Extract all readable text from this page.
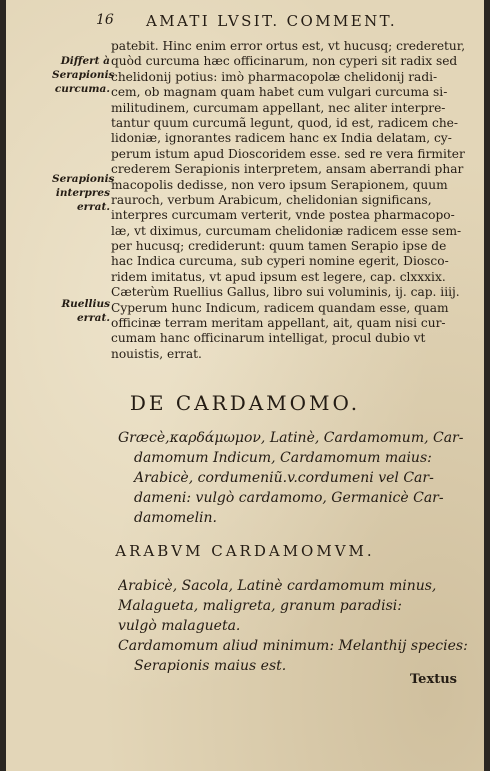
16 AMATI LVSIT. COMMENT.
Differt à Serapionis curcuma.
Serapionis interpres errat.
Ruellius errat.
patebit. Hinc enim error ortus est, vt hucusq; crederetur,
quòd curcuma hæc officinarum, non cyperi sit radix sed
chelidonij potius: imò pharmacopolæ chelidonij radi-
cem, ob magnam quam habet cum vulgari curcuma si-
militudinem, curcumam appellant, nec aliter interpre-
tantur quum curcumã legunt, quod, id est, radicem che-
lidoniæ, ignorantes radicem hanc ex India delatam, cy-
perum istum apud Dioscoridem esse. sed re vera firmiter
crederem Serapionis interpretem, ansam aberrandi phar
macopolis dedisse, non vero ipsum Serapionem, quum
rauroch, verbum Arabicum, chelidonian significans,
interpres curcumam verterit, vnde postea pharmacopo-
læ, vt diximus, curcumam chelidoniæ radicem esse sem-
per hucusq; crediderunt: quum tamen Serapio ipse de
hac Indica curcuma, sub cyperi nomine egerit, Diosco-
ridem imitatus, vt apud ipsum est legere, cap. clxxxix.
Cæterùm Ruellius Gallus, libro sui voluminis, ij. cap. iiij.
Cyperum hunc Indicum, radicem quandam esse, quam
officinæ terram meritam appellant, ait, quam nisi cur-
cumam hanc officinarum intelligat, procul dubio vt
nouistis, errat.
DE CARDAMOMO.
Græcè,καρδάμωμον, Latinè, Cardamomum, Car-
damomum Indicum, Cardamomum maius:
Arabicè, cordumeniũ.v.cordumeni vel Car-
dameni: vulgò cardamomo, Germanicè Car-
damomelin.
ARABVM CARDAMOMVM.
Arabicè, Sacola, Latinè cardamomum minus,
Malagueta, maligreta, granum paradisi:
vulgò malagueta.
Cardamomum aliud minimum: Melanthij species:
Serapionis maius est.
Textus
